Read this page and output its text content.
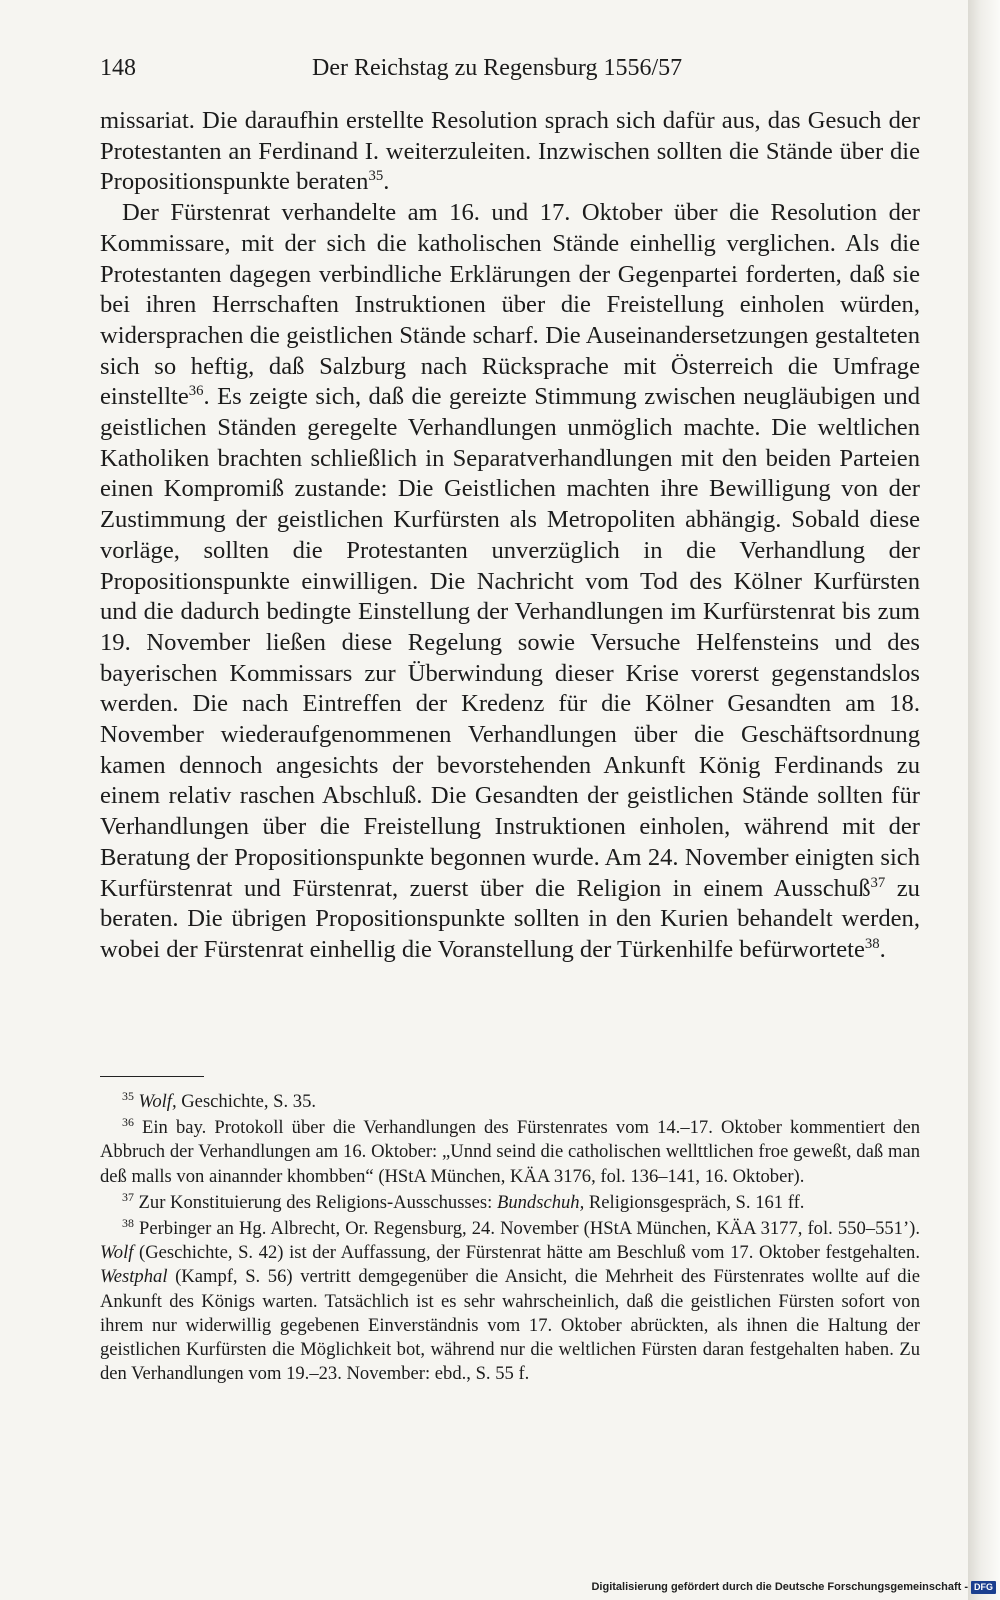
148	Der Reichstag zu Regensburg 1556/57

missariat. Die daraufhin erstellte Resolution sprach sich dafür aus, das Gesuch der Protestanten an Ferdinand I. weiterzuleiten. Inzwischen sollten die Stände über die Propositionspunkte beraten$^{35}$.

Der Fürstenrat verhandelte am 16. und 17. Oktober über die Resolution der Kommissare, mit der sich die katholischen Stände einhellig verglichen. Als die Protestanten dagegen verbindliche Erklärungen der Gegenpartei forderten, daß sie bei ihren Herrschaften Instruktionen über die Freistellung einholen würden, widersprachen die geistlichen Stände scharf. Die Auseinandersetzungen gestalteten sich so heftig, daß Salzburg nach Rücksprache mit Österreich die Umfrage einstellte$^{36}$. Es zeigte sich, daß die gereizte Stimmung zwischen neugläubigen und geistlichen Ständen geregelte Verhandlungen unmöglich machte. Die weltlichen Katholiken brachten schließlich in Separatverhandlungen mit den beiden Parteien einen Kompromiß zustande: Die Geistlichen machten ihre Bewilligung von der Zustimmung der geistlichen Kurfürsten als Metropoliten abhängig. Sobald diese vorläge, sollten die Protestanten unverzüglich in die Verhandlung der Propositionspunkte einwilligen. Die Nachricht vom Tod des Kölner Kurfürsten und die dadurch bedingte Einstellung der Verhandlungen im Kurfürstenrat bis zum 19. November ließen diese Regelung sowie Versuche Helfensteins und des bayerischen Kommissars zur Überwindung dieser Krise vorerst gegenstandslos werden. Die nach Eintreffen der Kredenz für die Kölner Gesandten am 18. November wiederaufgenommenen Verhandlungen über die Geschäftsordnung kamen dennoch angesichts der bevorstehenden Ankunft König Ferdinands zu einem relativ raschen Abschluß. Die Gesandten der geistlichen Stände sollten für Verhandlungen über die Freistellung Instruktionen einholen, während mit der Beratung der Propositionspunkte begonnen wurde. Am 24. November einigten sich Kurfürstenrat und Fürstenrat, zuerst über die Religion in einem Ausschuß$^{37}$ zu beraten. Die übrigen Propositionspunkte sollten in den Kurien behandelt werden, wobei der Fürstenrat einhellig die Voranstellung der Türkenhilfe befürwortete$^{38}$.

$^{35}$ Wolf, Geschichte, S. 35.

$^{36}$ Ein bay. Protokoll über die Verhandlungen des Fürstenrates vom 14.–17. Oktober kommentiert den Abbruch der Verhandlungen am 16. Oktober: „Unnd seind die catholischen wellttlichen froe geweßt, daß man deß malls von ainannder khombben“ (HStA München, KÄA 3176, fol. 136–141, 16. Oktober).

$^{37}$ Zur Konstituierung des Religions-Ausschusses: Bundschuh, Religionsgespräch, S. 161 ff.

$^{38}$ Perbinger an Hg. Albrecht, Or. Regensburg, 24. November (HStA München, KÄA 3177, fol. 550–551’). Wolf (Geschichte, S. 42) ist der Auffassung, der Fürstenrat hätte am Beschluß vom 17. Oktober festgehalten. Westphal (Kampf, S. 56) vertritt demgegenüber die Ansicht, die Mehrheit des Fürstenrates wollte auf die Ankunft des Königs warten. Tatsächlich ist es sehr wahrscheinlich, daß die geistlichen Fürsten sofort von ihrem nur widerwillig gegebenen Einverständnis vom 17. Oktober abrückten, als ihnen die Haltung der geistlichen Kurfürsten die Möglichkeit bot, während nur die weltlichen Fürsten daran festgehalten haben. Zu den Verhandlungen vom 19.–23. November: ebd., S. 55 f.

Digitalisierung gefördert durch die Deutsche Forschungsgemeinschaft - DFG
